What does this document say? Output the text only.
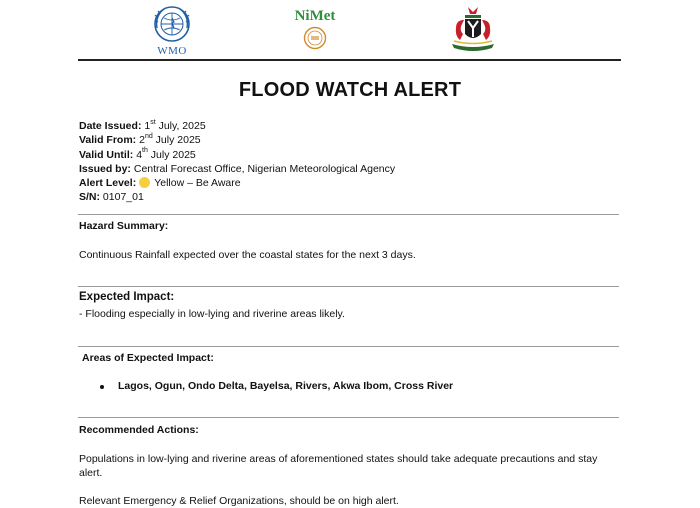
WMO
NiMet
FLOOD WATCH ALERT
Date Issued: 1st July, 2025
Valid From: 2nd July 2025
Valid Until: 4th July 2025
Issued by: Central Forecast Office, Nigerian Meteorological Agency
Alert Level: Yellow – Be Aware
S/N: 0107_01
Hazard Summary:
Continuous Rainfall expected over the coastal states for the next 3 days.
Expected Impact:
- Flooding especially in low-lying and riverine areas likely.
Areas of Expected Impact:
Lagos, Ogun, Ondo Delta, Bayelsa, Rivers, Akwa Ibom, Cross River
Recommended Actions:
Populations in low-lying and riverine areas of aforementioned states should take adequate precautions and stay alert.
Relevant Emergency & Relief Organizations, should be on high alert.
